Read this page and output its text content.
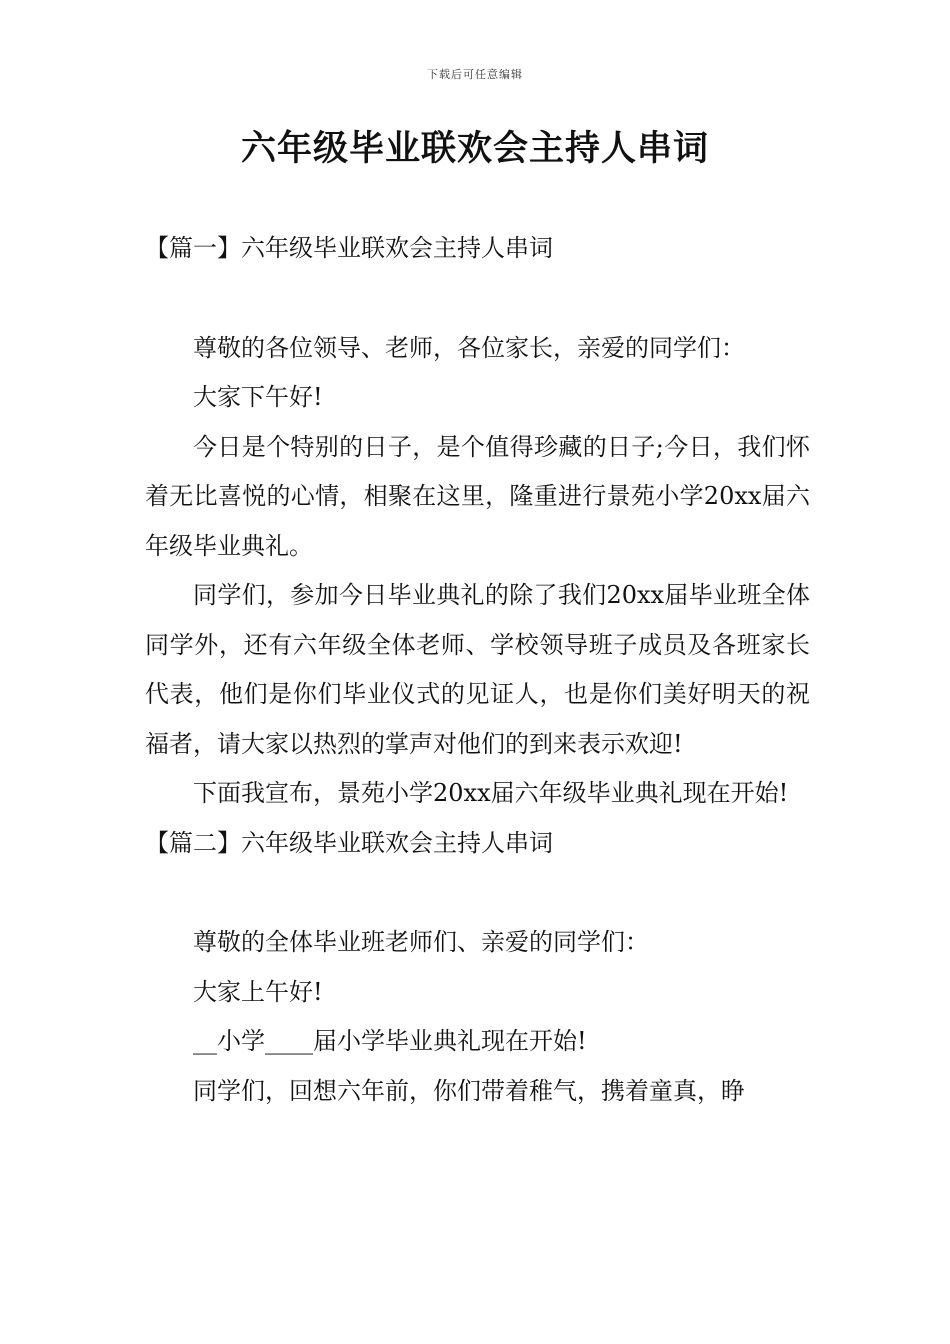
下载后可任意编辑
六年级毕业联欢会主持人串词
【篇一】六年级毕业联欢会主持人串词

尊敬的各位领导、老师，各位家长，亲爱的同学们：

大家下午好!

今日是个特别的日子，是个值得珍藏的日子;今日，我们怀着无比喜悦的心情，相聚在这里，隆重进行景苑小学20xx届六年级毕业典礼。

同学们，参加今日毕业典礼的除了我们20xx届毕业班全体同学外，还有六年级全体老师、学校领导班子成员及各班家长代表，他们是你们毕业仪式的见证人，也是你们美好明天的祝福者，请大家以热烈的掌声对他们的到来表示欢迎!

下面我宣布，景苑小学20xx届六年级毕业典礼现在开始!

【篇二】六年级毕业联欢会主持人串词

尊敬的全体毕业班老师们、亲爱的同学们：

大家上午好!

__小学____届小学毕业典礼现在开始!

同学们，回想六年前，你们带着稚气，携着童真，睁
